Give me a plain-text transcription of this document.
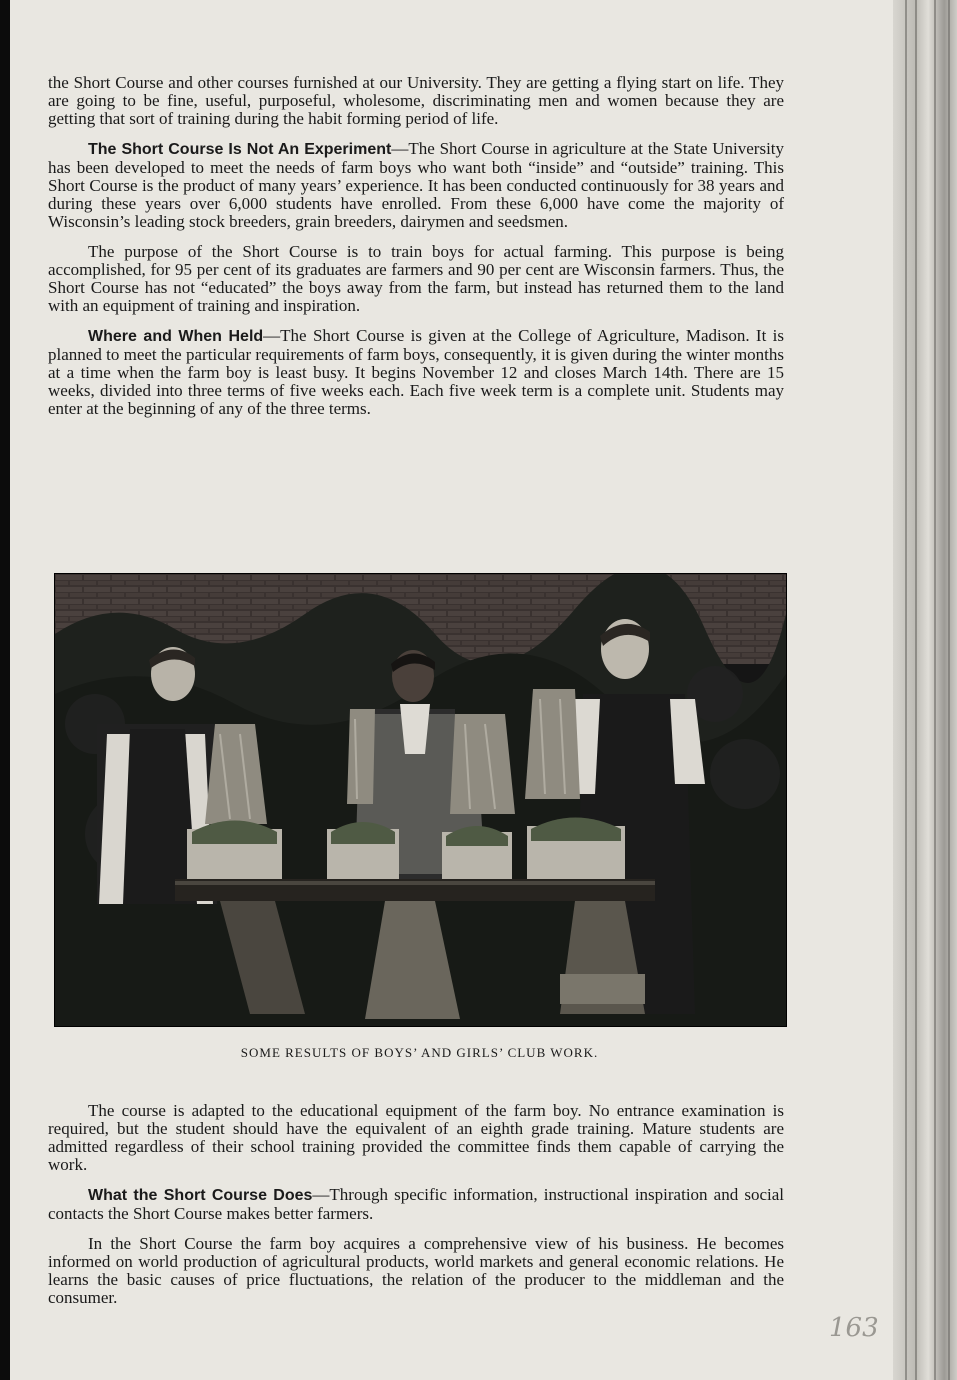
the Short Course and other courses furnished at our University. They are getting a flying start on life. They are going to be fine, useful, purposeful, wholesome, discriminating men and women because they are getting that sort of training during the habit forming period of life.

The Short Course Is Not An Experiment—The Short Course in agriculture at the State University has been developed to meet the needs of farm boys who want both “inside” and “outside” training. This Short Course is the product of many years’ experience. It has been conducted continuously for 38 years and during these years over 6,000 students have enrolled. From these 6,000 have come the majority of Wisconsin’s leading stock breeders, grain breeders, dairymen and seedsmen.

The purpose of the Short Course is to train boys for actual farming. This purpose is being accomplished, for 95 per cent of its graduates are farmers and 90 per cent are Wisconsin farmers. Thus, the Short Course has not “educated” the boys away from the farm, but instead has returned them to the land with an equipment of training and inspiration.

Where and When Held—The Short Course is given at the College of Agriculture, Madison. It is planned to meet the particular requirements of farm boys, consequently, it is given during the winter months at a time when the farm boy is least busy. It begins November 12 and closes March 14th. There are 15 weeks, divided into three terms of five weeks each. Each five week term is a complete unit. Students may enter at the beginning of any of the three terms.

SOME RESULTS OF BOYS’ AND GIRLS’ CLUB WORK.

The course is adapted to the educational equipment of the farm boy. No entrance examination is required, but the student should have the equivalent of an eighth grade training. Mature students are admitted regardless of their school training provided the committee finds them capable of carrying the work.

What the Short Course Does—Through specific information, instructional inspiration and social contacts the Short Course makes better farmers.

In the Short Course the farm boy acquires a comprehensive view of his business. He becomes informed on world production of agricultural products, world markets and general economic relations. He learns the basic causes of price fluctuations, the relation of the producer to the middleman and the consumer.

163
